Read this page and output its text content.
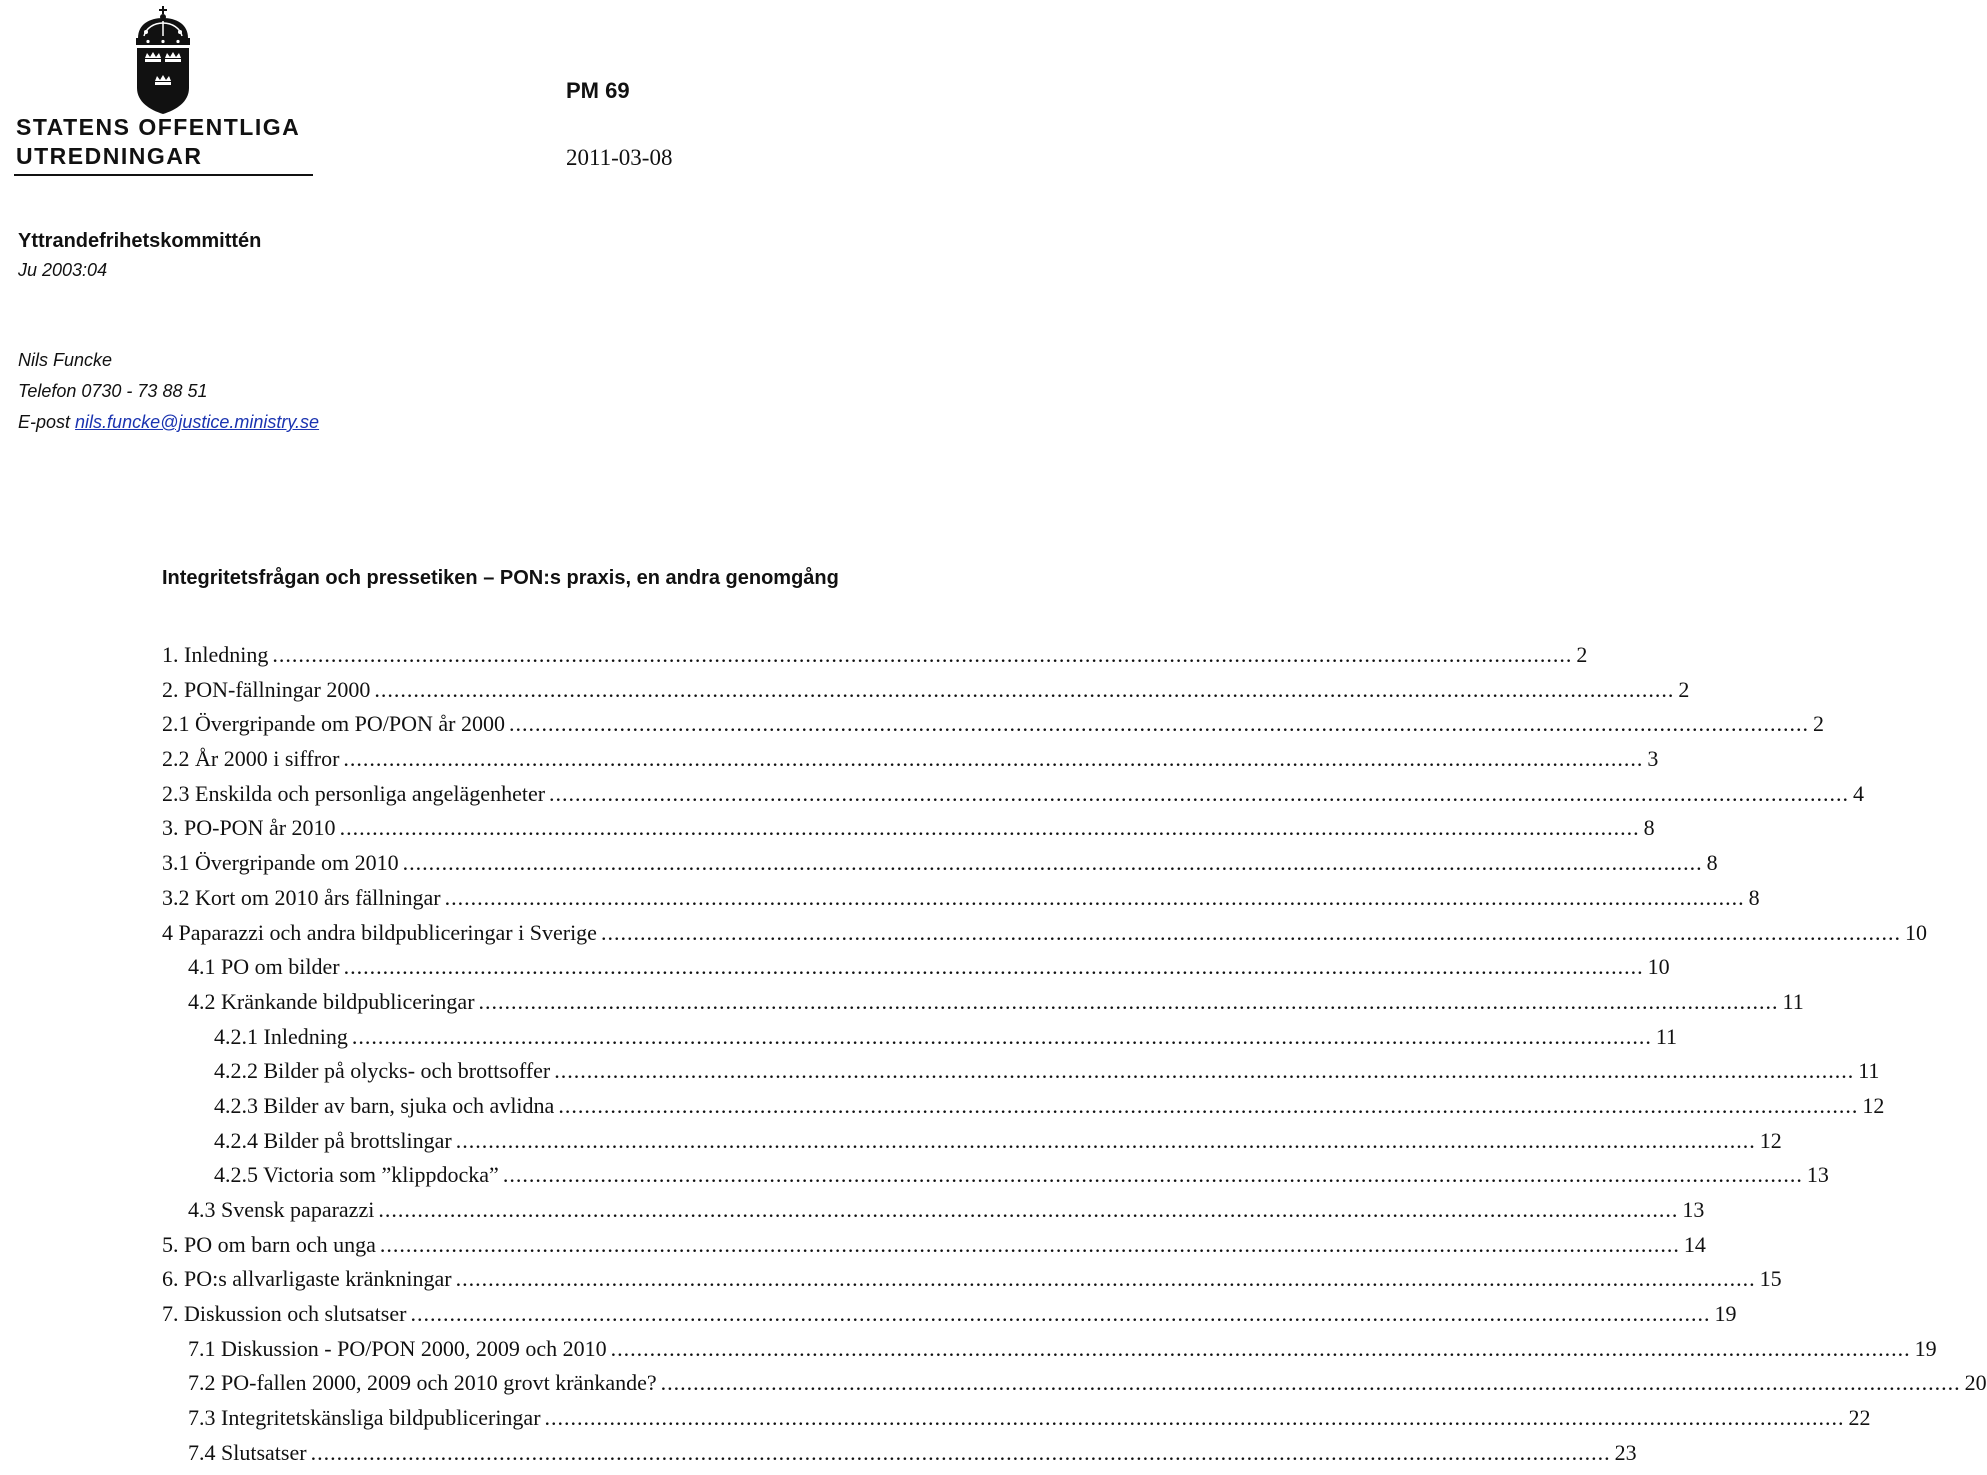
STATENS OFFENTLIGA
UTREDNINGAR
PM 69
2011-03-08
Yttrandefrihetskommittén
Ju 2003:04
Nils Funcke
Telefon 0730 - 73 88 51
E-post nils.funcke@justice.ministry.se
Integritetsfrågan och pressetiken – PON:s praxis, en andra genomgång
1. Inledning ........................................................................................................................................................................................................ 2
2. PON-fällningar 2000 ........................................................................................................................................................................................................ 2
2.1 Övergripande om PO/PON år 2000 ........................................................................................................................................................................................................ 2
2.2 År 2000 i siffror ........................................................................................................................................................................................................ 3
2.3 Enskilda och personliga angelägenheter ........................................................................................................................................................................................................ 4
3. PO-PON år 2010 ........................................................................................................................................................................................................ 8
3.1 Övergripande om 2010 ........................................................................................................................................................................................................ 8
3.2 Kort om 2010 års fällningar ........................................................................................................................................................................................................ 8
4 Paparazzi och andra bildpubliceringar i Sverige ........................................................................................................................................................................................................ 10
4.1 PO om bilder ........................................................................................................................................................................................................ 10
4.2 Kränkande bildpubliceringar ........................................................................................................................................................................................................ 11
4.2.1 Inledning ........................................................................................................................................................................................................ 11
4.2.2 Bilder på olycks- och brottsoffer ........................................................................................................................................................................................................ 11
4.2.3 Bilder av barn, sjuka och avlidna ........................................................................................................................................................................................................ 12
4.2.4 Bilder på brottslingar ........................................................................................................................................................................................................ 12
4.2.5 Victoria som ”klippdocka” ........................................................................................................................................................................................................ 13
4.3 Svensk paparazzi ........................................................................................................................................................................................................ 13
5. PO om barn och unga ........................................................................................................................................................................................................ 14
6. PO:s allvarligaste kränkningar ........................................................................................................................................................................................................ 15
7. Diskussion och slutsatser ........................................................................................................................................................................................................ 19
7.1 Diskussion - PO/PON 2000, 2009 och 2010 ........................................................................................................................................................................................................ 19
7.2 PO-fallen 2000, 2009 och 2010 grovt kränkande? ........................................................................................................................................................................................................ 20
7.3 Integritetskänsliga bildpubliceringar ........................................................................................................................................................................................................ 22
7.4 Slutsatser ........................................................................................................................................................................................................ 23
